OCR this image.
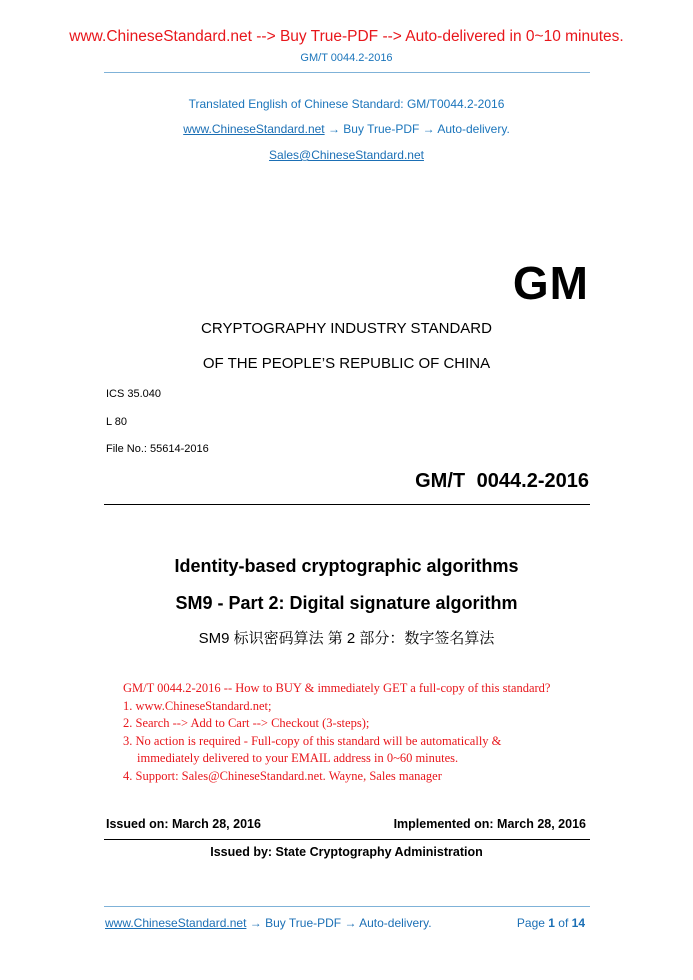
www.ChineseStandard.net --> Buy True-PDF --> Auto-delivered in 0~10 minutes.
GM/T 0044.2-2016
Translated English of Chinese Standard: GM/T0044.2-2016
www.ChineseStandard.net → Buy True-PDF → Auto-delivery.
Sales@ChineseStandard.net
GM
CRYPTOGRAPHY INDUSTRY STANDARD
OF THE PEOPLE’S REPUBLIC OF CHINA
ICS 35.040
L 80
File No.: 55614-2016
GM/T 0044.2-2016
Identity-based cryptographic algorithms
SM9 - Part 2: Digital signature algorithm
SM9 标识密码算法 第 2 部分：数字签名算法

GM/T 0044.2-2016 -- How to BUY & immediately GET a full-copy of this standard?

1. www.ChineseStandard.net;

2. Search --> Add to Cart --> Checkout (3-steps);

3. No action is required - Full-copy of this standard will be automatically &

immediately delivered to your EMAIL address in 0~60 minutes.

4. Support: Sales@ChineseStandard.net. Wayne, Sales manager

Issued on: March 28, 2016	Implemented on: March 28, 2016
Issued by: State Cryptography Administration
www.ChineseStandard.net → Buy True-PDF → Auto-delivery.	Page 1 of 14
